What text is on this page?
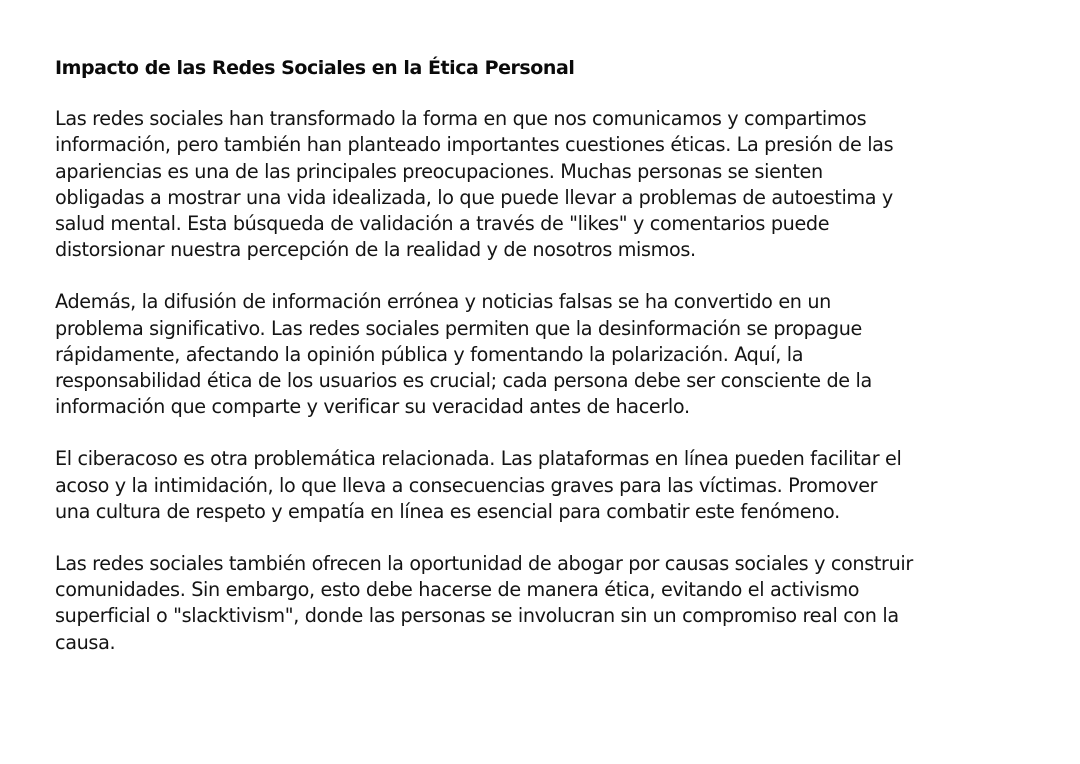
Impacto de las Redes Sociales en la Ética Personal

Las redes sociales han transformado la forma en que nos comunicamos y compartimos
información, pero también han planteado importantes cuestiones éticas. La presión de las
apariencias es una de las principales preocupaciones. Muchas personas se sienten
obligadas a mostrar una vida idealizada, lo que puede llevar a problemas de autoestima y
salud mental. Esta búsqueda de validación a través de "likes" y comentarios puede
distorsionar nuestra percepción de la realidad y de nosotros mismos.

Además, la difusión de información errónea y noticias falsas se ha convertido en un
problema significativo. Las redes sociales permiten que la desinformación se propague
rápidamente, afectando la opinión pública y fomentando la polarización. Aquí, la
responsabilidad ética de los usuarios es crucial; cada persona debe ser consciente de la
información que comparte y verificar su veracidad antes de hacerlo.

El ciberacoso es otra problemática relacionada. Las plataformas en línea pueden facilitar el
acoso y la intimidación, lo que lleva a consecuencias graves para las víctimas. Promover
una cultura de respeto y empatía en línea es esencial para combatir este fenómeno.

Las redes sociales también ofrecen la oportunidad de abogar por causas sociales y construir
comunidades. Sin embargo, esto debe hacerse de manera ética, evitando el activismo
superficial o "slacktivism", donde las personas se involucran sin un compromiso real con la
causa.
